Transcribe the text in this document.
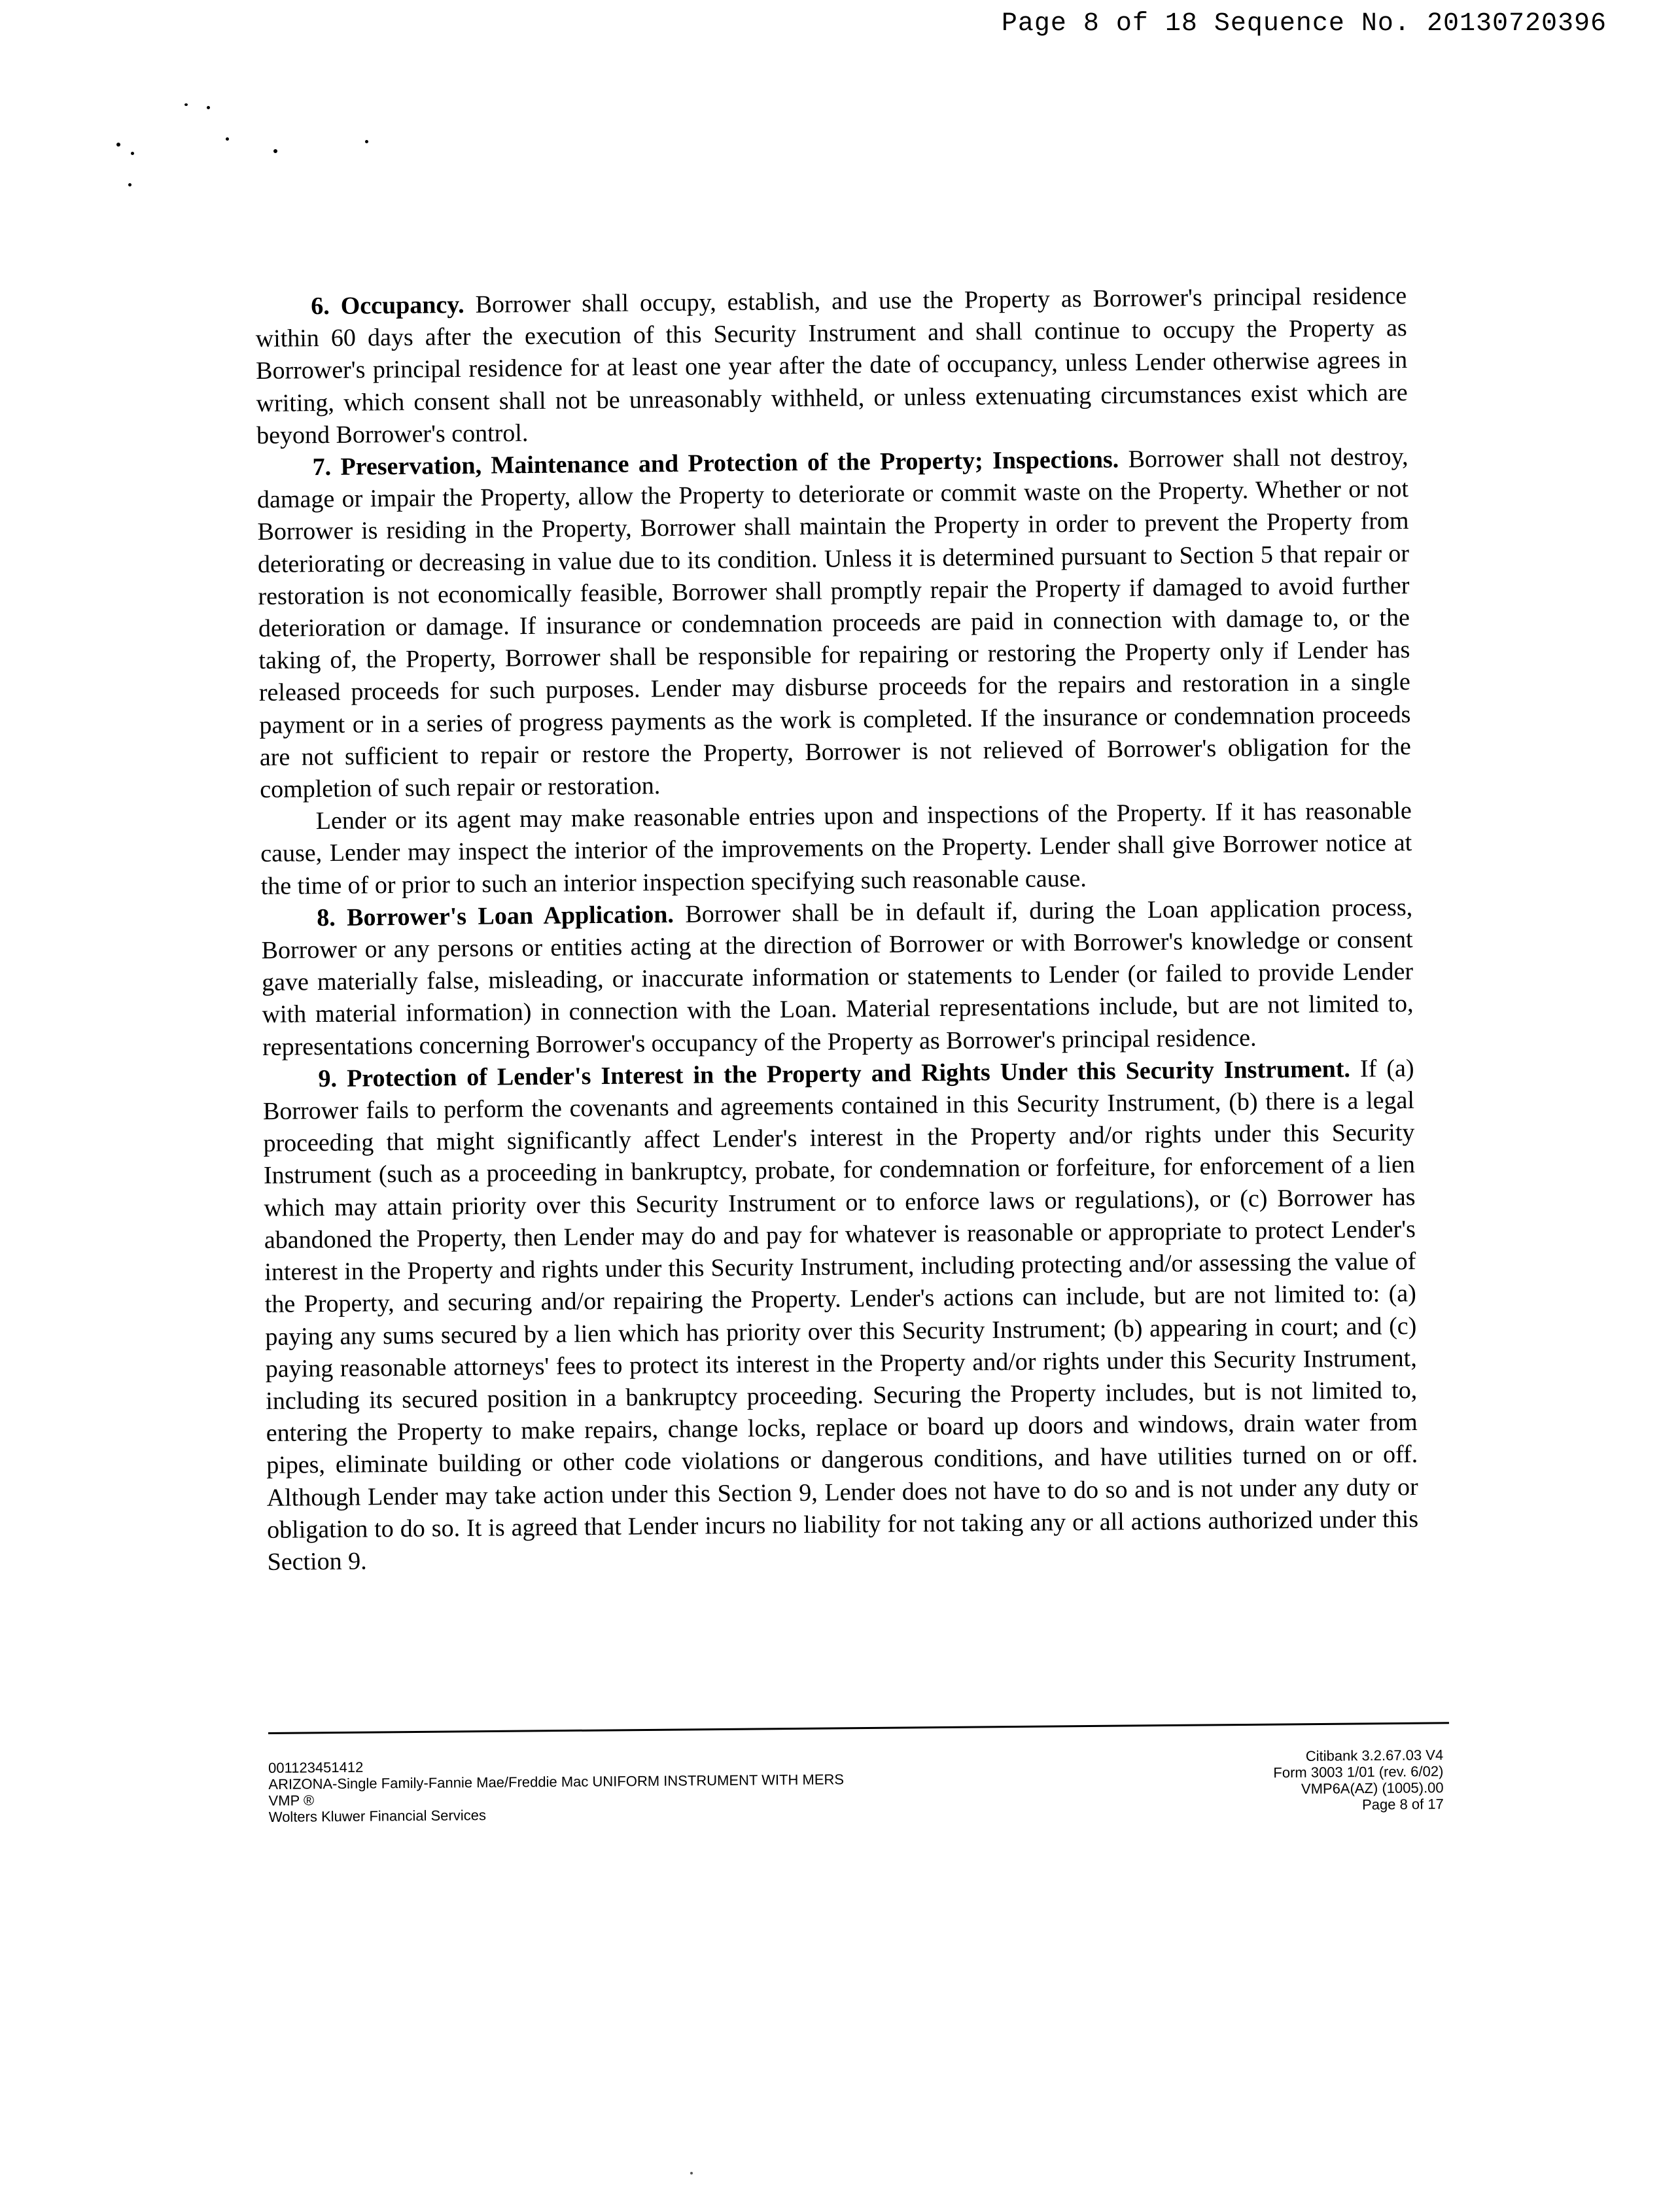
Page 8 of 18 Sequence No. 20130720396

6. Occupancy. Borrower shall occupy, establish, and use the Property as Borrower's principal residence within 60 days after the execution of this Security Instrument and shall continue to occupy the Property as Borrower's principal residence for at least one year after the date of occupancy, unless Lender otherwise agrees in writing, which consent shall not be unreasonably withheld, or unless extenuating circumstances exist which are beyond Borrower's control.

7. Preservation, Maintenance and Protection of the Property; Inspections. Borrower shall not destroy, damage or impair the Property, allow the Property to deteriorate or commit waste on the Property. Whether or not Borrower is residing in the Property, Borrower shall maintain the Property in order to prevent the Property from deteriorating or decreasing in value due to its condition. Unless it is determined pursuant to Section 5 that repair or restoration is not economically feasible, Borrower shall promptly repair the Property if damaged to avoid further deterioration or damage. If insurance or condemnation proceeds are paid in connection with damage to, or the taking of, the Property, Borrower shall be responsible for repairing or restoring the Property only if Lender has released proceeds for such purposes. Lender may disburse proceeds for the repairs and restoration in a single payment or in a series of progress payments as the work is completed. If the insurance or condemnation proceeds are not sufficient to repair or restore the Property, Borrower is not relieved of Borrower's obligation for the completion of such repair or restoration.

Lender or its agent may make reasonable entries upon and inspections of the Property. If it has reasonable cause, Lender may inspect the interior of the improvements on the Property. Lender shall give Borrower notice at the time of or prior to such an interior inspection specifying such reasonable cause.

8. Borrower's Loan Application. Borrower shall be in default if, during the Loan application process, Borrower or any persons or entities acting at the direction of Borrower or with Borrower's knowledge or consent gave materially false, misleading, or inaccurate information or statements to Lender (or failed to provide Lender with material information) in connection with the Loan. Material representations include, but are not limited to, representations concerning Borrower's occupancy of the Property as Borrower's principal residence.

9. Protection of Lender's Interest in the Property and Rights Under this Security Instrument. If (a) Borrower fails to perform the covenants and agreements contained in this Security Instrument, (b) there is a legal proceeding that might significantly affect Lender's interest in the Property and/or rights under this Security Instrument (such as a proceeding in bankruptcy, probate, for condemnation or forfeiture, for enforcement of a lien which may attain priority over this Security Instrument or to enforce laws or regulations), or (c) Borrower has abandoned the Property, then Lender may do and pay for whatever is reasonable or appropriate to protect Lender's interest in the Property and rights under this Security Instrument, including protecting and/or assessing the value of the Property, and securing and/or repairing the Property. Lender's actions can include, but are not limited to: (a) paying any sums secured by a lien which has priority over this Security Instrument; (b) appearing in court; and (c) paying reasonable attorneys' fees to protect its interest in the Property and/or rights under this Security Instrument, including its secured position in a bankruptcy proceeding. Securing the Property includes, but is not limited to, entering the Property to make repairs, change locks, replace or board up doors and windows, drain water from pipes, eliminate building or other code violations or dangerous conditions, and have utilities turned on or off. Although Lender may take action under this Section 9, Lender does not have to do so and is not under any duty or obligation to do so. It is agreed that Lender incurs no liability for not taking any or all actions authorized under this Section 9.

001123451412
ARIZONA-Single Family-Fannie Mae/Freddie Mac UNIFORM INSTRUMENT WITH MERS
VMP ®
Wolters Kluwer Financial Services
Citibank 3.2.67.03 V4
Form 3003 1/01 (rev. 6/02)
VMP6A(AZ) (1005).00
Page 8 of 17
